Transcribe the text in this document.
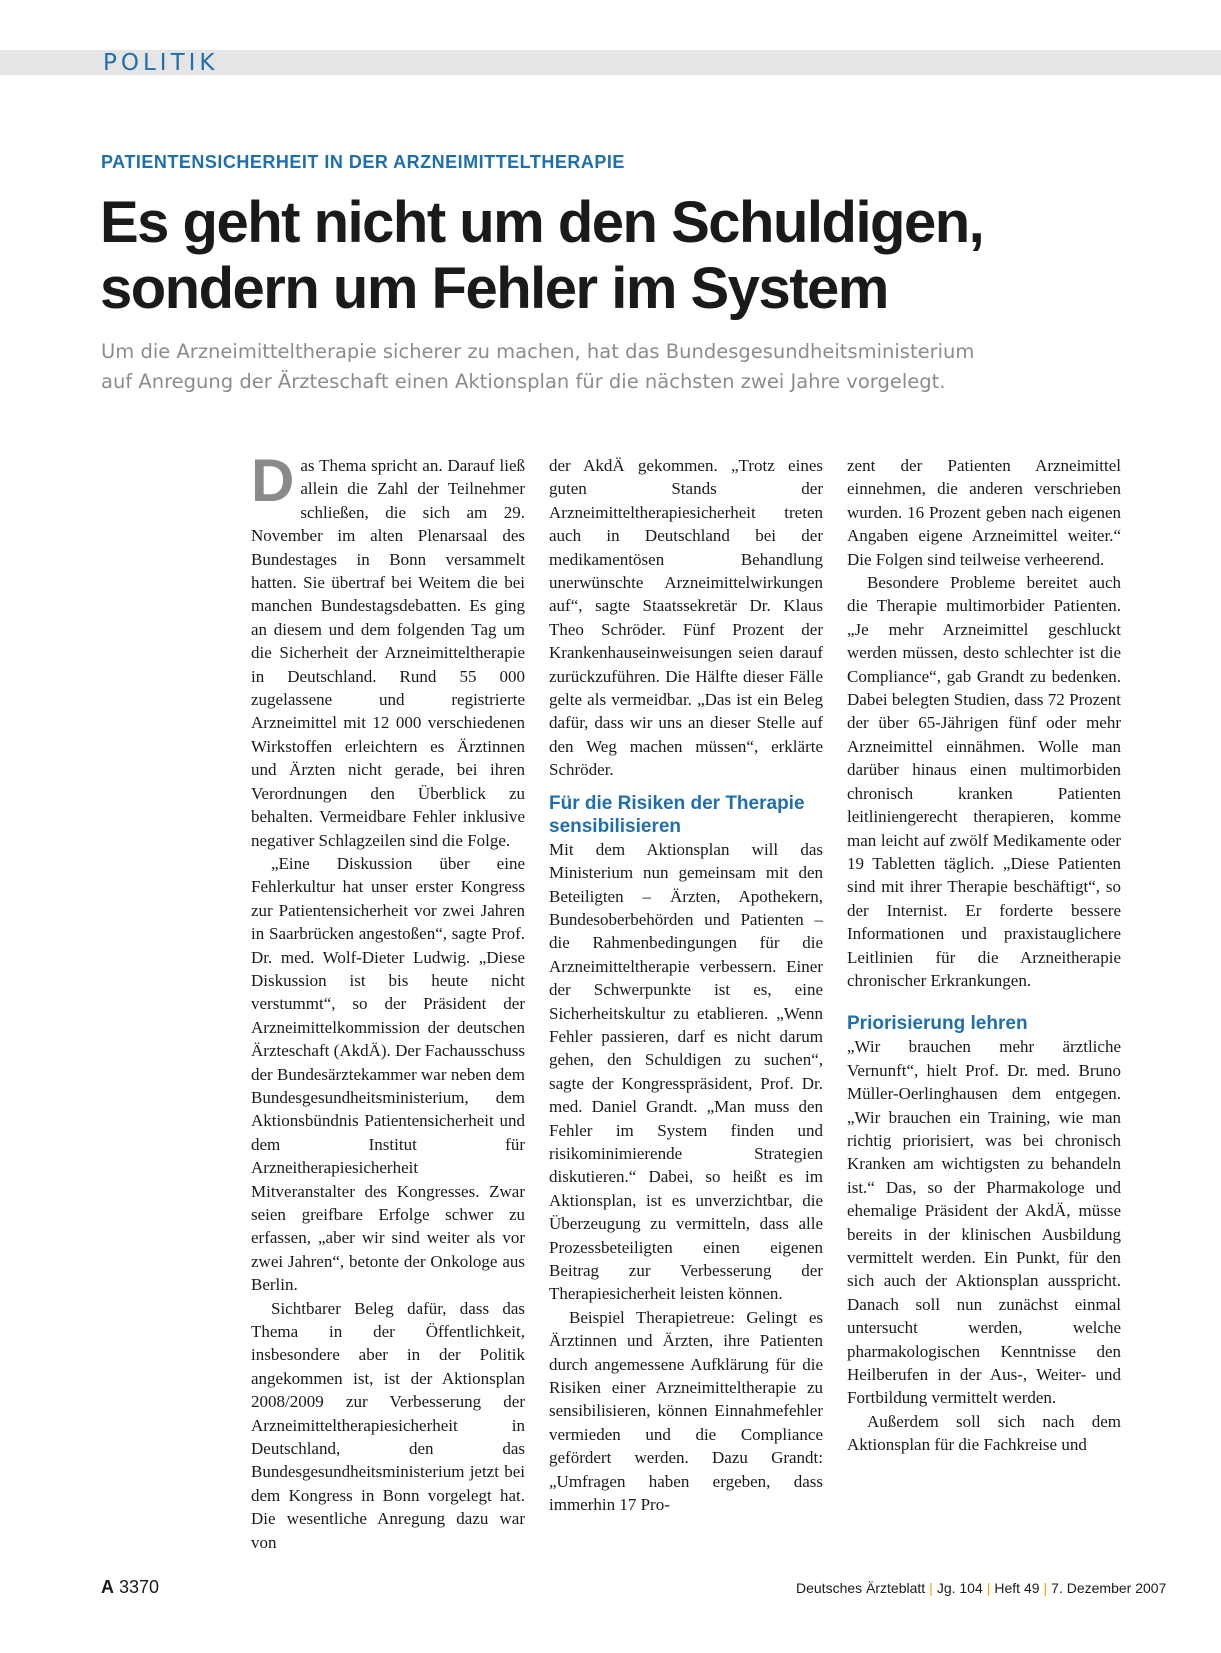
POLITIK
PATIENTENSICHERHEIT IN DER ARZNEIMITTELTHERAPIE
Es geht nicht um den Schuldigen,
sondern um Fehler im System

Um die Arzneimitteltherapie sicherer zu machen, hat das Bundesgesundheitsministerium
auf Anregung der Ärzteschaft einen Aktionsplan für die nächsten zwei Jahre vorgelegt.

Das Thema spricht an. Darauf ließ allein die Zahl der Teilnehmer schließen, die sich am 29. November im alten Plenarsaal des Bundestages in Bonn versammelt hatten. Sie übertraf bei Weitem die bei manchen Bundestagsdebatten. Es ging an diesem und dem folgenden Tag um die Sicherheit der Arzneimitteltherapie in Deutschland. Rund 55 000 zugelassene und registrierte Arzneimittel mit 12 000 verschiedenen Wirkstoffen erleichtern es Ärztinnen und Ärzten nicht gerade, bei ihren Verordnungen den Überblick zu behalten. Vermeidbare Fehler inklusive negativer Schlagzeilen sind die Folge.

„Eine Diskussion über eine Fehlerkultur hat unser erster Kongress zur Patientensicherheit vor zwei Jahren in Saarbrücken angestoßen“, sagte Prof. Dr. med. Wolf-Dieter Ludwig. „Diese Diskussion ist bis heute nicht verstummt“, so der Präsident der Arzneimittelkommission der deutschen Ärzteschaft (AkdÄ). Der Fachausschuss der Bundesärztekammer war neben dem Bundesgesundheitsministerium, dem Aktionsbündnis Patientensicherheit und dem Institut für Arzneitherapiesicherheit Mitveranstalter des Kongresses. Zwar seien greifbare Erfolge schwer zu erfassen, „aber wir sind weiter als vor zwei Jahren“, betonte der Onkologe aus Berlin.

Sichtbarer Beleg dafür, dass das Thema in der Öffentlichkeit, insbesondere aber in der Politik angekommen ist, ist der Aktionsplan 2008/2009 zur Verbesserung der Arzneimitteltherapiesicherheit in Deutschland, den das Bundesgesundheitsministerium jetzt bei dem Kongress in Bonn vorgelegt hat. Die wesentliche Anregung dazu war von

der AkdÄ gekommen. „Trotz eines guten Stands der Arzneimitteltherapiesicherheit treten auch in Deutschland bei der medikamentösen Behandlung unerwünschte Arzneimittelwirkungen auf“, sagte Staatssekretär Dr. Klaus Theo Schröder. Fünf Prozent der Krankenhauseinweisungen seien darauf zurückzuführen. Die Hälfte dieser Fälle gelte als vermeidbar. „Das ist ein Beleg dafür, dass wir uns an dieser Stelle auf den Weg machen müssen“, erklärte Schröder.

Für die Risiken der Therapie sensibilisieren

Mit dem Aktionsplan will das Ministerium nun gemeinsam mit den Beteiligten – Ärzten, Apothekern, Bundesoberbehörden und Patienten – die Rahmenbedingungen für die Arzneimitteltherapie verbessern. Einer der Schwerpunkte ist es, eine Sicherheitskultur zu etablieren. „Wenn Fehler passieren, darf es nicht darum gehen, den Schuldigen zu suchen“, sagte der Kongresspräsident, Prof. Dr. med. Daniel Grandt. „Man muss den Fehler im System finden und risikominimierende Strategien diskutieren.“ Dabei, so heißt es im Aktionsplan, ist es unverzichtbar, die Überzeugung zu vermitteln, dass alle Prozessbeteiligten einen eigenen Beitrag zur Verbesserung der Therapiesicherheit leisten können.

Beispiel Therapietreue: Gelingt es Ärztinnen und Ärzten, ihre Patienten durch angemessene Aufklärung für die Risiken einer Arzneimitteltherapie zu sensibilisieren, können Einnahmefehler vermieden und die Compliance gefördert werden. Dazu Grandt: „Umfragen haben ergeben, dass immerhin 17 Pro-

zent der Patienten Arzneimittel einnehmen, die anderen verschrieben wurden. 16 Prozent geben nach eigenen Angaben eigene Arzneimittel weiter.“ Die Folgen sind teilweise verheerend.

Besondere Probleme bereitet auch die Therapie multimorbider Patienten. „Je mehr Arzneimittel geschluckt werden müssen, desto schlechter ist die Compliance“, gab Grandt zu bedenken. Dabei belegten Studien, dass 72 Prozent der über 65-Jährigen fünf oder mehr Arzneimittel einnähmen. Wolle man darüber hinaus einen multimorbiden chronisch kranken Patienten leitliniengerecht therapieren, komme man leicht auf zwölf Medikamente oder 19 Tabletten täglich. „Diese Patienten sind mit ihrer Therapie beschäftigt“, so der Internist. Er forderte bessere Informationen und praxistauglichere Leitlinien für die Arzneitherapie chronischer Erkrankungen.

Priorisierung lehren

„Wir brauchen mehr ärztliche Vernunft“, hielt Prof. Dr. med. Bruno Müller-Oerlinghausen dem entgegen. „Wir brauchen ein Training, wie man richtig priorisiert, was bei chronisch Kranken am wichtigsten zu behandeln ist.“ Das, so der Pharmakologe und ehemalige Präsident der AkdÄ, müsse bereits in der klinischen Ausbildung vermittelt werden. Ein Punkt, für den sich auch der Aktionsplan ausspricht. Danach soll nun zunächst einmal untersucht werden, welche pharmakologischen Kenntnisse den Heilberufen in der Aus-, Weiter- und Fortbildung vermittelt werden.

Außerdem soll sich nach dem Aktionsplan für die Fachkreise und

A 3370	Deutsches Ärzteblatt | Jg. 104 | Heft 49 | 7. Dezember 2007
